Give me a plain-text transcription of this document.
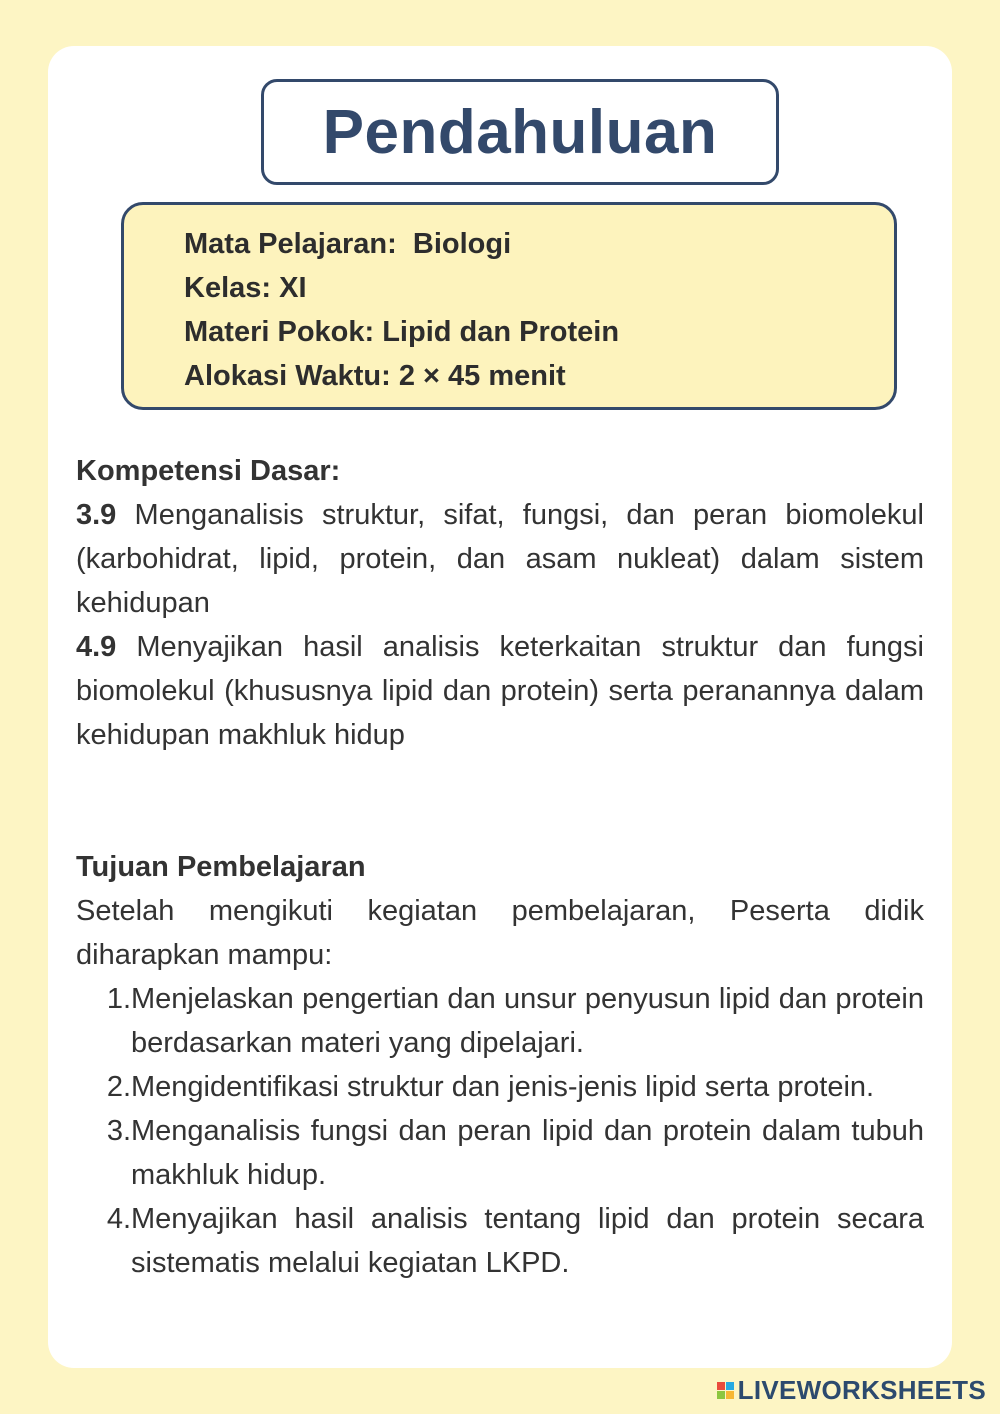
Pendahuluan
Mata Pelajaran:  Biologi
Kelas: XI
Materi Pokok: Lipid dan Protein
Alokasi Waktu: 2 × 45 menit
Kompetensi Dasar:

3.9 Menganalisis struktur, sifat, fungsi, dan peran biomolekul (karbohidrat, lipid, protein, dan asam nukleat) dalam sistem kehidupan

4.9 Menyajikan hasil analisis keterkaitan struktur dan fungsi biomolekul (khususnya lipid dan protein) serta peranannya dalam kehidupan makhluk hidup

Tujuan Pembelajaran

Setelah mengikuti kegiatan pembelajaran, Peserta didik diharapkan mampu:

1. Menjelaskan pengertian dan unsur penyusun lipid dan protein berdasarkan materi yang dipelajari.
2. Mengidentifikasi struktur dan jenis-jenis lipid serta protein.
3. Menganalisis fungsi dan peran lipid dan protein dalam tubuh makhluk hidup.
4. Menyajikan hasil analisis tentang lipid dan protein secara sistematis melalui kegiatan LKPD.
LIVEWORKSHEETS
